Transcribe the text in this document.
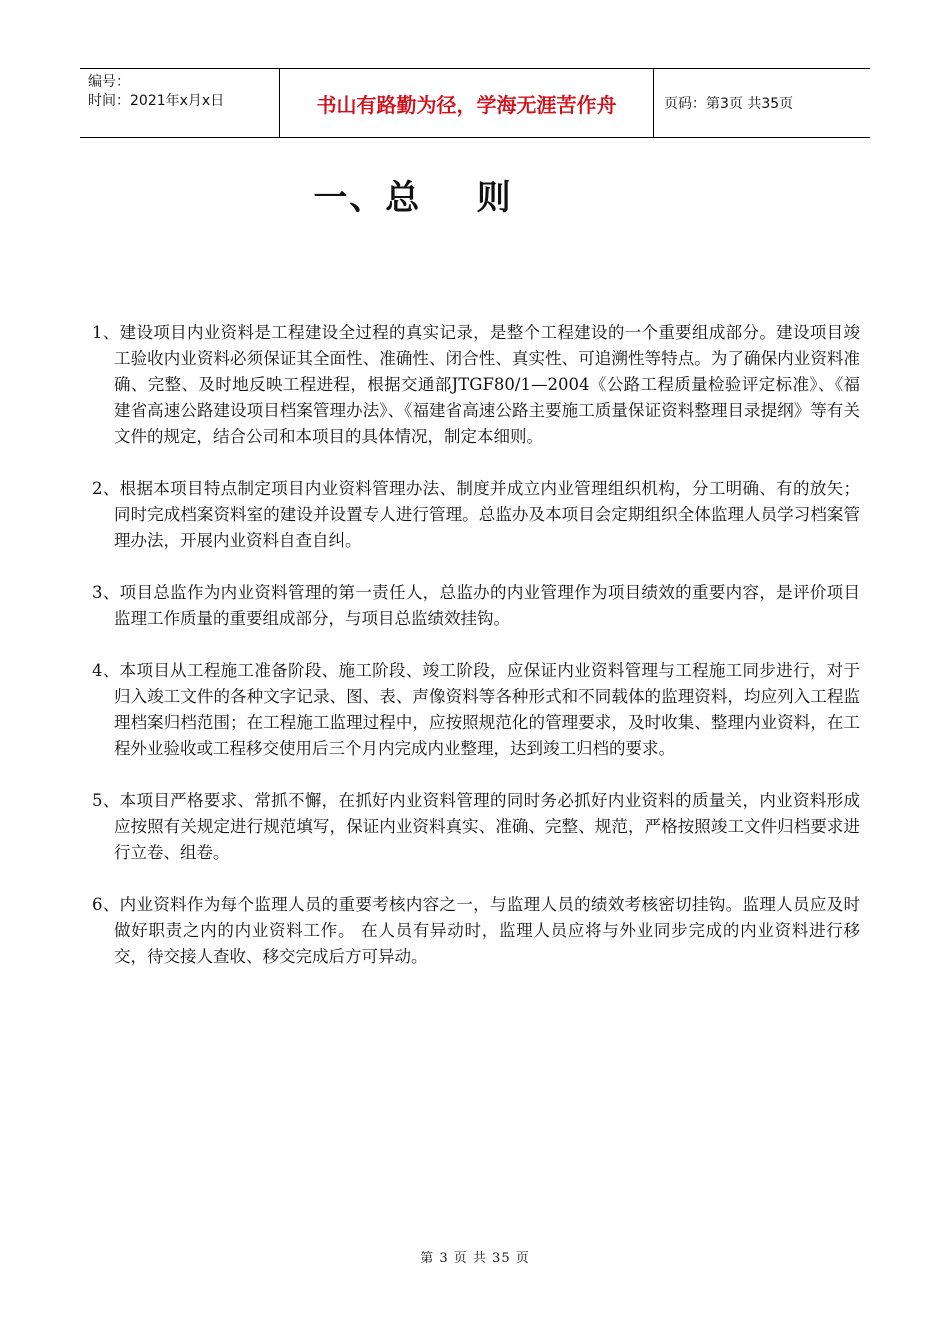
编号：
时间：2021年x月x日	书山有路勤为径，学海无涯苦作舟	页码：第3页 共35页
一、总    则

1、建设项目内业资料是工程建设全过程的真实记录，是整个工程建设的一个重要组成部分。建设项目竣工验收内业资料必须保证其全面性、准确性、闭合性、真实性、可追溯性等特点。为了确保内业资料准确、完整、及时地反映工程进程，根据交通部JTGF80/1—2004《公路工程质量检验评定标准》、《福建省高速公路建设项目档案管理办法》、《福建省高速公路主要施工质量保证资料整理目录提纲》等有关文件的规定，结合公司和本项目的具体情况，制定本细则。

2、根据本项目特点制定项目内业资料管理办法、制度并成立内业管理组织机构，分工明确、有的放矢；同时完成档案资料室的建设并设置专人进行管理。总监办及本项目会定期组织全体监理人员学习档案管理办法，开展内业资料自查自纠。

3、项目总监作为内业资料管理的第一责任人，总监办的内业管理作为项目绩效的重要内容，是评价项目监理工作质量的重要组成部分，与项目总监绩效挂钩。

4、本项目从工程施工准备阶段、施工阶段、竣工阶段，应保证内业资料管理与工程施工同步进行，对于归入竣工文件的各种文字记录、图、表、声像资料等各种形式和不同载体的监理资料，均应列入工程监理档案归档范围；在工程施工监理过程中，应按照规范化的管理要求，及时收集、整理内业资料，在工程外业验收或工程移交使用后三个月内完成内业整理，达到竣工归档的要求。

5、本项目严格要求、常抓不懈，在抓好内业资料管理的同时务必抓好内业资料的质量关，内业资料形成应按照有关规定进行规范填写，保证内业资料真实、准确、完整、规范，严格按照竣工文件归档要求进行立卷、组卷。

6、内业资料作为每个监理人员的重要考核内容之一，与监理人员的绩效考核密切挂钩。监理人员应及时做好职责之内的内业资料工作。 在人员有异动时，监理人员应将与外业同步完成的内业资料进行移交，待交接人查收、移交完成后方可异动。

第 3 页 共 35 页
